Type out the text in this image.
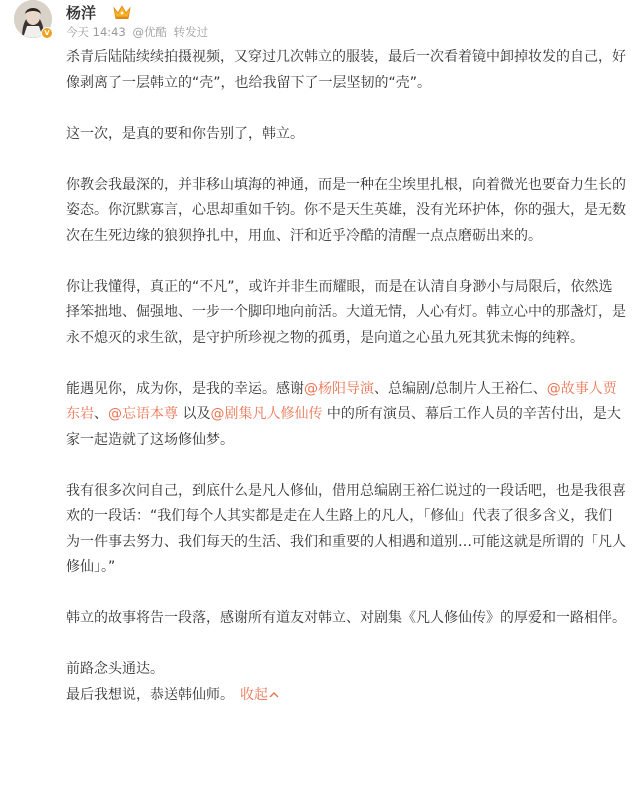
V
杨洋
今天 14:43 @优酷 转发过

杀青后陆陆续续拍摄视频，又穿过几次韩立的服装，最后一次看着镜中卸掉妆发的自己，好像剥离了一层韩立的“壳”，也给我留下了一层坚韧的“壳”。

这一次，是真的要和你告别了，韩立。

你教会我最深的，并非移山填海的神通，而是一种在尘埃里扎根，向着微光也要奋力生长的姿态。你沉默寡言，心思却重如千钧。你不是天生英雄，没有光环护体，你的强大，是无数次在生死边缘的狼狈挣扎中，用血、汗和近乎冷酷的清醒一点点磨砺出来的。

你让我懂得，真正的“不凡”，或许并非生而耀眼，而是在认清自身渺小与局限后，依然选择笨拙地、倔强地、一步一个脚印地向前活。大道无情，人心有灯。韩立心中的那盏灯，是永不熄灭的求生欲，是守护所珍视之物的孤勇，是向道之心虽九死其犹未悔的纯粹。

能遇见你，成为你，是我的幸运。感谢@杨阳导演、总编剧/总制片人王裕仁、@故事人贾东岩、@忘语本尊 以及@剧集凡人修仙传 中的所有演员、幕后工作人员的辛苦付出，是大家一起造就了这场修仙梦。

我有很多次问自己，到底什么是凡人修仙，借用总编剧王裕仁说过的一段话吧，也是我很喜欢的一段话：“我们每个人其实都是走在人生路上的凡人，「修仙」代表了很多含义，我们为一件事去努力、我们每天的生活、我们和重要的人相遇和道别…可能这就是所谓的「凡人修仙」。”

韩立的故事将告一段落，感谢所有道友对韩立、对剧集《凡人修仙传》的厚爱和一路相伴。

前路念头通达。

最后我想说，恭送韩仙师。 收起
